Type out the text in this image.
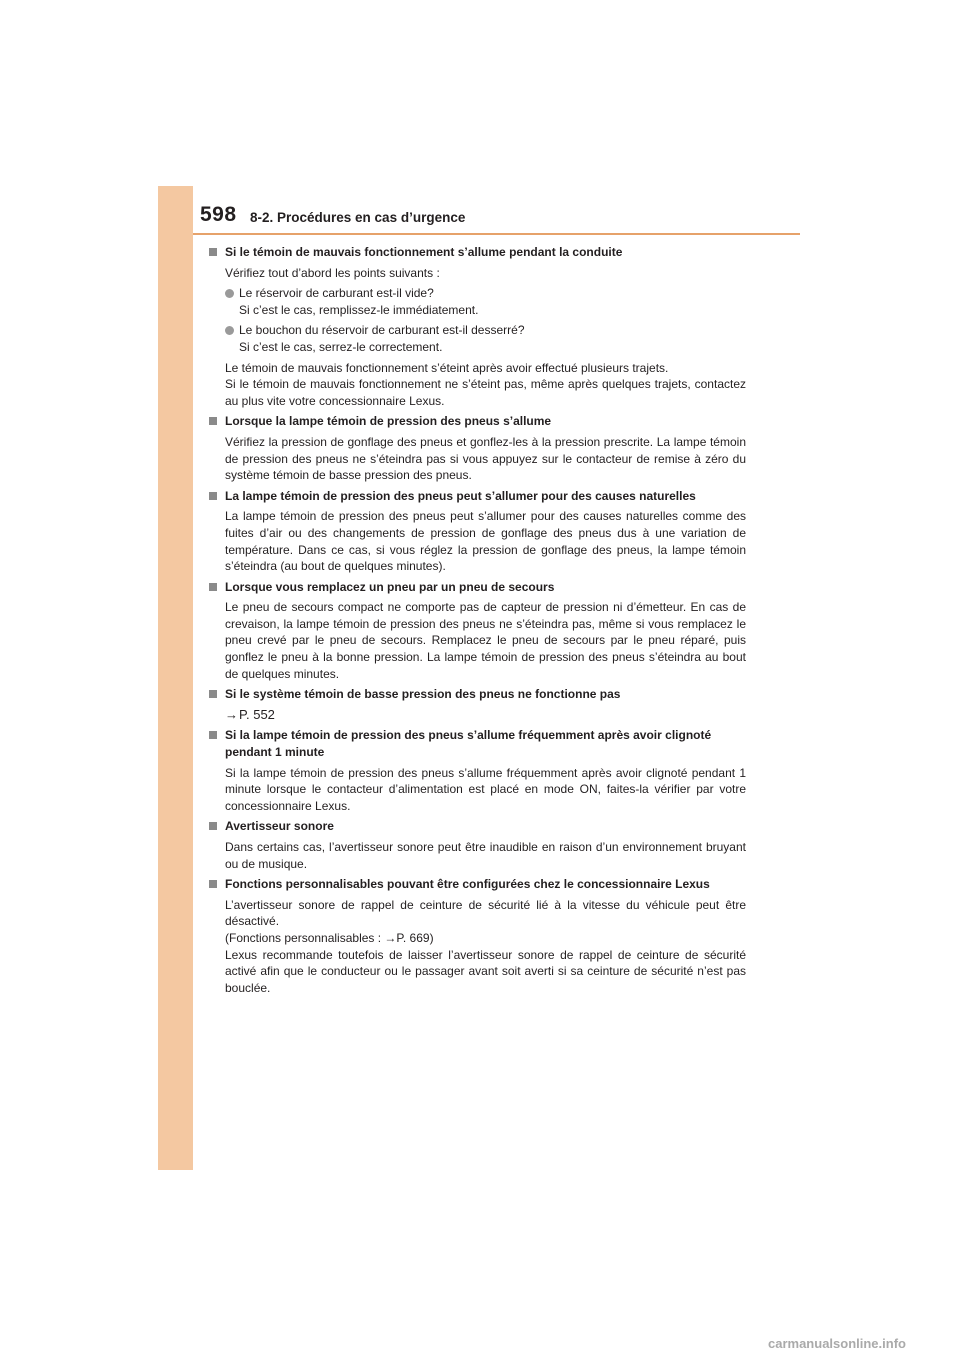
598 8-2. Procédures en cas d’urgence
Si le témoin de mauvais fonctionnement s’allume pendant la conduite
Vérifiez tout d’abord les points suivants :
Le réservoir de carburant est-il vide?
Si c’est le cas, remplissez-le immédiatement.
Le bouchon du réservoir de carburant est-il desserré?
Si c’est le cas, serrez-le correctement.
Le témoin de mauvais fonctionnement s’éteint après avoir effectué plusieurs trajets.
Si le témoin de mauvais fonctionnement ne s’éteint pas, même après quelques trajets, contactez au plus vite votre concessionnaire Lexus.
Lorsque la lampe témoin de pression des pneus s’allume
Vérifiez la pression de gonflage des pneus et gonflez-les à la pression prescrite. La lampe témoin de pression des pneus ne s’éteindra pas si vous appuyez sur le contacteur de remise à zéro du système témoin de basse pression des pneus.
La lampe témoin de pression des pneus peut s’allumer pour des causes naturelles
La lampe témoin de pression des pneus peut s’allumer pour des causes naturelles comme des fuites d’air ou des changements de pression de gonflage des pneus dus à une variation de température. Dans ce cas, si vous réglez la pression de gonflage des pneus, la lampe témoin s’éteindra (au bout de quelques minutes).
Lorsque vous remplacez un pneu par un pneu de secours
Le pneu de secours compact ne comporte pas de capteur de pression ni d’émetteur. En cas de crevaison, la lampe témoin de pression des pneus ne s’éteindra pas, même si vous remplacez le pneu crevé par le pneu de secours. Remplacez le pneu de secours par le pneu réparé, puis gonflez le pneu à la bonne pression. La lampe témoin de pression des pneus s’éteindra au bout de quelques minutes.
Si le système témoin de basse pression des pneus ne fonctionne pas
→P. 552
Si la lampe témoin de pression des pneus s’allume fréquemment après avoir clignoté pendant 1 minute
Si la lampe témoin de pression des pneus s’allume fréquemment après avoir clignoté pendant 1 minute lorsque le contacteur d’alimentation est placé en mode ON, faites-la vérifier par votre concessionnaire Lexus.
Avertisseur sonore
Dans certains cas, l’avertisseur sonore peut être inaudible en raison d’un environnement bruyant ou de musique.
Fonctions personnalisables pouvant être configurées chez le concessionnaire Lexus
L’avertisseur sonore de rappel de ceinture de sécurité lié à la vitesse du véhicule peut être désactivé.
(Fonctions personnalisables : →P. 669)
Lexus recommande toutefois de laisser l’avertisseur sonore de rappel de ceinture de sécurité activé afin que le conducteur ou le passager avant soit averti si sa ceinture de sécurité n’est pas bouclée.
carmanualsonline.info
